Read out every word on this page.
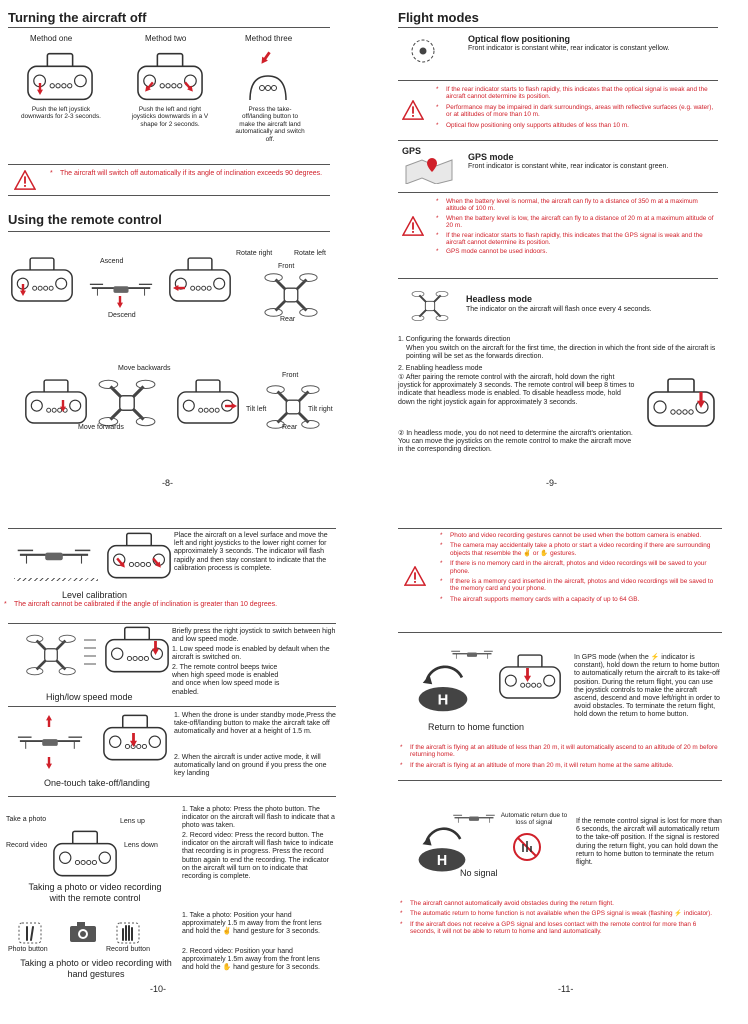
Turning the aircraft off
Method one	Method two	Method three
Push the left joystick downwards for 2-3 seconds.
Push the left and right joysticks downwards in a V shape for 2 seconds.
Press the take-off/landing button to make the aircraft land automatically and switch off.
* The aircraft will switch off automatically if its angle of inclination exceeds 90 degrees.
Using the remote control
Ascend
Descend
Rotate right	Rotate left
Front
Rear
Move backwards
Move forwards
Front
Tilt left	Tilt right
Rear
-8-
Flight modes
Optical flow positioning
Front indicator is constant white, rear indicator is constant yellow.
* If the rear indicator starts to flash rapidly, this indicates that the optical signal is weak and the aircraft cannot determine its position.
* Performance may be impaired in dark surroundings, areas with reflective surfaces (e.g. water), or at altitudes of more than 10 m.
* Optical flow positioning only supports altitudes of less than 10 m.
GPS
GPS mode
Front indicator is constant white, rear indicator is constant green.
* When the battery level is normal, the aircraft can fly to a distance of 350 m at a maximum altitude of 100 m.
* When the battery level is low, the aircraft can fly to a distance of 20 m at a maximum altitude of 20 m.
* If the rear indicator starts to flash rapidly, this indicates that the GPS signal is weak and the aircraft cannot determine its position.
* GPS mode cannot be used indoors.
Headless mode
The indicator on the aircraft will flash once every 4 seconds.
1. Configuring the forwards direction
When you switch on the aircraft for the first time, the direction in which the front side of the aircraft is pointing will be set as the forwards direction.
2. Enabling headless mode
① After pairing the remote control with the aircraft, hold down the right joystick for approximately 3 seconds. The remote control will beep 8 times to indicate that headless mode is enabled. To disable headless mode, hold down the right joystick again for approximately 3 seconds.
② In headless mode, you do not need to determine the aircraft's orientation. You can move the joysticks on the remote control to make the aircraft move in the corresponding direction.
-9-
Place the aircraft on a level surface and move the left and right joysticks to the lower right corner for approximately 3 seconds. The indicator will flash rapidly and then stay constant to indicate that the calibration process is complete.
Level calibration
* The aircraft cannot be calibrated if the angle of inclination is greater than 10 degrees.
Briefly press the right joystick to switch between high and low speed mode.
1. Low speed mode is enabled by default when the aircraft is switched on.
2. The remote control beeps twice when high speed mode is enabled and once when low speed mode is enabled.
High/low speed mode
1. When the drone is under standby mode,Press the take-off/landing button to make the aircraft take off automatically and hover at a height of 1.5 m.
2. When the aircraft is under active mode, it will automatically land on ground if you press the one key landing
One-touch take-off/landing
Take a photo	Lens up
Record video	Lens down
1. Take a photo: Press the photo button. The indicator on the aircraft will flash to indicate that a photo was taken.
2. Record video: Press the record button. The indicator on the aircraft will flash twice to indicate that recording is in progress. Press the record button again to end the recording. The indicator on the aircraft will turn on to indicate that recording is complete.
Taking a photo or video recording with the remote control
Photo button	Record button
Taking a photo or video recording with hand gestures
1. Take a photo: Position your hand approximately 1.5 m away from the front lens and hold the ✌ hand gesture for 3 seconds.
2. Record video: Position your hand approximately 1.5m away from the front lens and hold the ✋ hand gesture for 3 seconds.
-10-
* Photo and video recording gestures cannot be used when the bottom camera is enabled.
* The camera may accidentally take a photo or start a video recording if there are surrounding objects that resemble the ✌ or ✋ gestures.
* If there is no memory card in the aircraft, photos and video recordings will be saved to your phone.
* If there is a memory card inserted in the aircraft, photos and video recordings will be saved to the memory card and your phone.
* The aircraft supports memory cards with a capacity of up to 64 GB.
Return to home function
In GPS mode (when the ⚡ indicator is constant), hold down the return to home button to automatically return the aircraft to its take-off position. During the return flight, you can use the joystick controls to make the aircraft ascend, descend and move left/right in order to avoid obstacles. To terminate the return flight, hold down the return to home button.
* If the aircraft is flying at an altitude of less than 20 m, it will automatically ascend to an altitude of 20 m before returning home.
* If the aircraft is flying at an altitude of more than 20 m, it will return home at the same altitude.
Automatic return due to loss of signal
No signal
If the remote control signal is lost for more than 6 seconds, the aircraft will automatically return to the take-off position. If the signal is restored during the return flight, you can hold down the return to home button to terminate the return flight.
* The aircraft cannot automatically avoid obstacles during the return flight.
* The automatic return to home function is not available when the GPS signal is weak (flashing ⚡ indicator).
* If the aircraft does not receive a GPS signal and loses contact with the remote control for more than 6 seconds, it will not be able to return to home and land automatically.
-11-
